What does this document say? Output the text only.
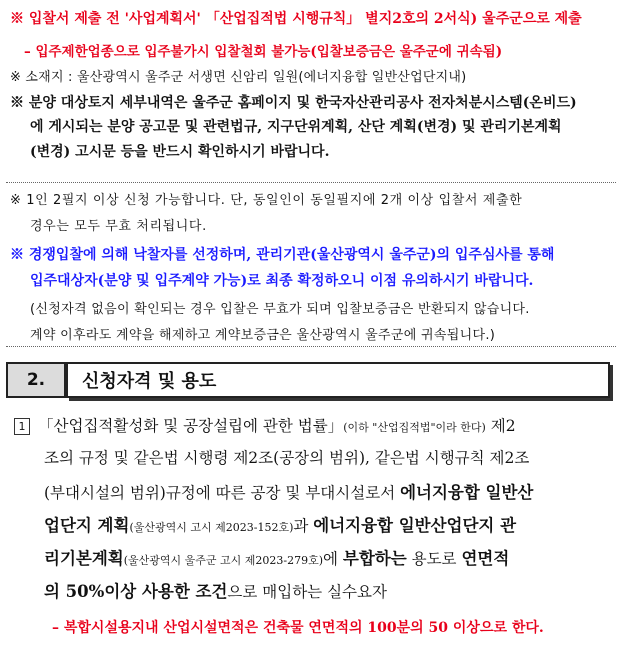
※ 입찰서 제출 전 '사업계획서' 「산업집적법 시행규칙」 별지2호의 2서식) 울주군으로 제출
– 입주제한업종으로 입주불가시 입찰철회 불가능(입찰보증금은 울주군에 귀속됨)
※ 소재지 : 울산광역시 울주군 서생면 신암리 일원(에너지융합 일반산업단지내)
※ 분양 대상토지 세부내역은 울주군 홈페이지 및 한국자산관리공사 전자처분시스템(온비드)
에 게시되는 분양 공고문 및 관련법규, 지구단위계획, 산단 계획(변경) 및 관리기본계획
(변경) 고시문 등을 반드시 확인하시기 바랍니다.
※ 1인 2필지 이상 신청 가능합니다. 단, 동일인이 동일필지에 2개 이상 입찰서 제출한
경우는 모두 무효 처리됩니다.
※ 경쟁입찰에 의해 낙찰자를 선정하며, 관리기관(울산광역시 울주군)의 입주심사를 통해
입주대상자(분양 및 입주계약 가능)로 최종 확정하오니 이점 유의하시기 바랍니다.
(신청자격 없음이 확인되는 경우 입찰은 무효가 되며 입찰보증금은 반환되지 않습니다.
계약 이후라도 계약을 해제하고 계약보증금은 울산광역시 울주군에 귀속됩니다.)
2.	신청자격 및 용도
1 「산업집적활성화 및 공장설립에 관한 법률」(이하 "산업집적법"이라 한다) 제2
조의 규정 및 같은법 시행령 제2조(공장의 범위), 같은법 시행규칙 제2조
(부대시설의 범위)규정에 따른 공장 및 부대시설로서 에너지융합 일반산
업단지 계획(울산광역시 고시 제2023-152호)과 에너지융합 일반산업단지 관
리기본계획(울산광역시 울주군 고시 제2023-279호)에 부합하는 용도로 연면적
의 50%이상 사용한 조건으로 매입하는 실수요자
– 복합시설용지내 산업시설면적은 건축물 연면적의 100분의 50 이상으로 한다.
